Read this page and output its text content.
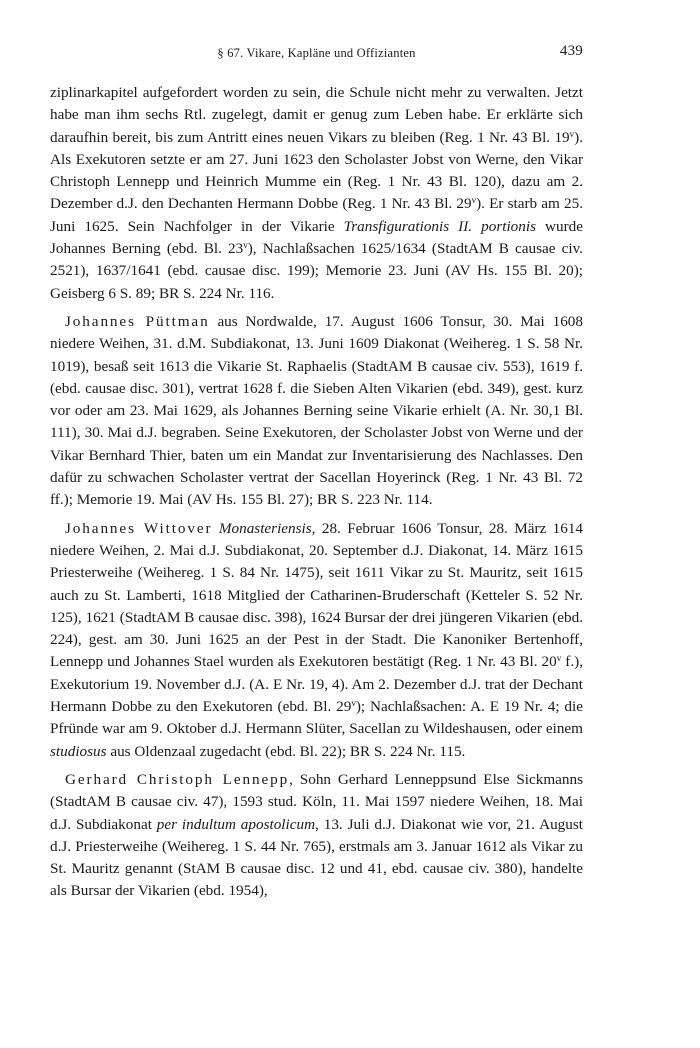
§ 67. Vikare, Kapläne und Offizianten	439

ziplinarkapitel aufgefordert worden zu sein, die Schule nicht mehr zu verwalten. Jetzt habe man ihm sechs Rtl. zugelegt, damit er genug zum Leben habe. Er erklärte sich daraufhin bereit, bis zum Antritt eines neuen Vikars zu bleiben (Reg. 1 Nr. 43 Bl. 19$^v$). Als Exekutoren setzte er am 27. Juni 1623 den Scholaster Jobst von Werne, den Vikar Christoph Lennepp und Heinrich Mumme ein (Reg. 1 Nr. 43 Bl. 120), dazu am 2. Dezember d.J. den Dechanten Hermann Dobbe (Reg. 1 Nr. 43 Bl. 29$^v$). Er starb am 25. Juni 1625. Sein Nachfolger in der Vikarie Transfigurationis II. portionis wurde Johannes Berning (ebd. Bl. 23$^v$), Nachlaßsachen 1625/1634 (StadtAM B causae civ. 2521), 1637/1641 (ebd. causae disc. 199); Memorie 23. Juni (AV Hs. 155 Bl. 20); Geisberg 6 S. 89; BR S. 224 Nr. 116.

Johannes Püttman aus Nordwalde, 17. August 1606 Tonsur, 30. Mai 1608 niedere Weihen, 31. d.M. Subdiakonat, 13. Juni 1609 Diakonat (Weihereg. 1 S. 58 Nr. 1019), besaß seit 1613 die Vikarie St. Raphaelis (StadtAM B causae civ. 553), 1619 f. (ebd. causae disc. 301), vertrat 1628 f. die Sieben Alten Vikarien (ebd. 349), gest. kurz vor oder am 23. Mai 1629, als Johannes Berning seine Vikarie erhielt (A. Nr. 30,1 Bl. 111), 30. Mai d.J. begraben. Seine Exekutoren, der Scholaster Jobst von Werne und der Vikar Bernhard Thier, baten um ein Mandat zur Inventarisierung des Nachlasses. Den dafür zu schwachen Scholaster vertrat der Sacellan Hoyerinck (Reg. 1 Nr. 43 Bl. 72 ff.); Memorie 19. Mai (AV Hs. 155 Bl. 27); BR S. 223 Nr. 114.

Johannes Wittover Monasteriensis, 28. Februar 1606 Tonsur, 28. März 1614 niedere Weihen, 2. Mai d.J. Subdiakonat, 20. September d.J. Diakonat, 14. März 1615 Priesterweihe (Weihereg. 1 S. 84 Nr. 1475), seit 1611 Vikar zu St. Mauritz, seit 1615 auch zu St. Lamberti, 1618 Mitglied der Catharinen-Bruderschaft (Ketteler S. 52 Nr. 125), 1621 (StadtAM B causae disc. 398), 1624 Bursar der drei jüngeren Vikarien (ebd. 224), gest. am 30. Juni 1625 an der Pest in der Stadt. Die Kanoniker Bertenhoff, Lennepp und Johannes Stael wurden als Exekutoren bestätigt (Reg. 1 Nr. 43 Bl. 20$^v$ f.), Exekutorium 19. November d.J. (A. E Nr. 19, 4). Am 2. Dezember d.J. trat der Dechant Hermann Dobbe zu den Exekutoren (ebd. Bl. 29$^v$); Nachlaßsachen: A. E 19 Nr. 4; die Pfründe war am 9. Oktober d.J. Hermann Slüter, Sacellan zu Wildeshausen, oder einem studiosus aus Oldenzaal zugedacht (ebd. Bl. 22); BR S. 224 Nr. 115.

Gerhard Christoph Lennepp, Sohn Gerhard Lenneppsund Else Sickmanns (StadtAM B causae civ. 47), 1593 stud. Köln, 11. Mai 1597 niedere Weihen, 18. Mai d.J. Subdiakonat per indultum apostolicum, 13. Juli d.J. Diakonat wie vor, 21. August d.J. Priesterweihe (Weihereg. 1 S. 44 Nr. 765), erstmals am 3. Januar 1612 als Vikar zu St. Mauritz genannt (StAM B causae disc. 12 und 41, ebd. causae civ. 380), handelte als Bursar der Vikarien (ebd. 1954),
